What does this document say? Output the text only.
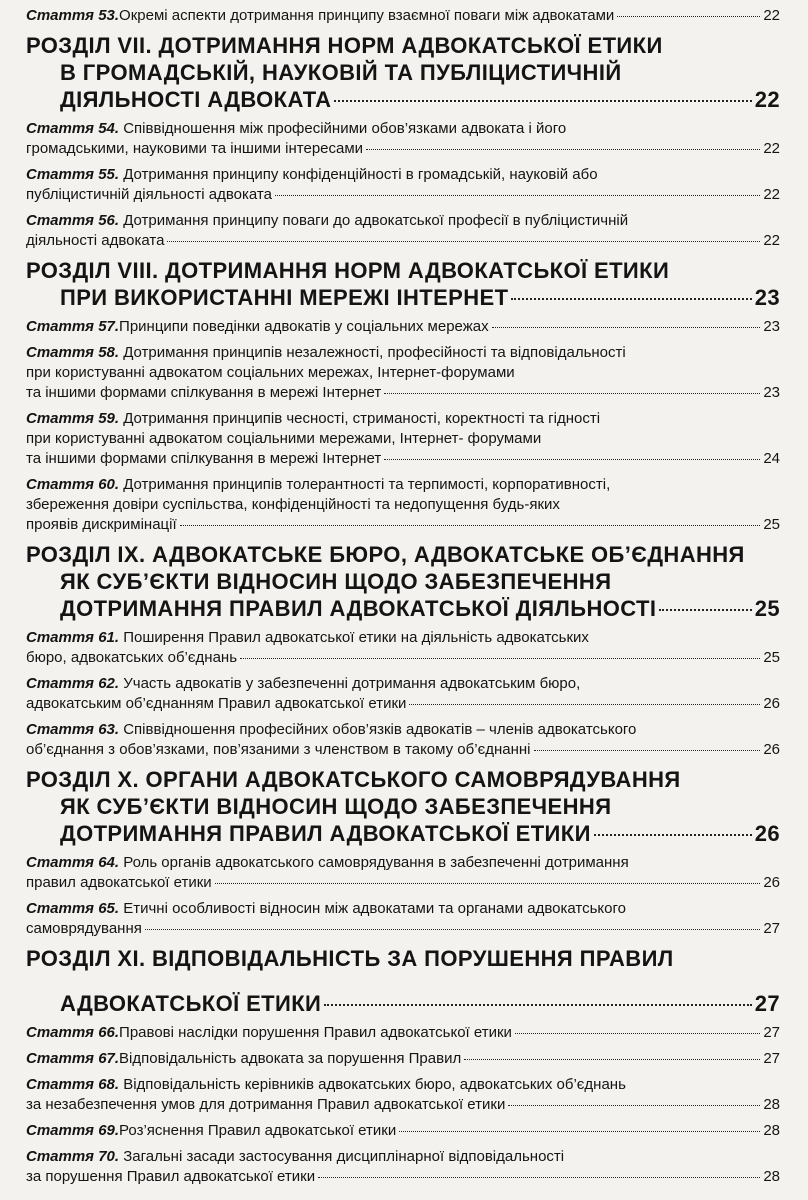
Стаття 53. Окремі аспекти дотримання принципу взаємної поваги між адвокатами	22
РОЗДІЛ VII. ДОТРИМАННЯ НОРМ АДВОКАТСЬКОЇ ЕТИКИ
В ГРОМАДСЬКІЙ, НАУКОВІЙ ТА ПУБЛІЦИСТИЧНІЙ
ДІЯЛЬНОСТІ АДВОКАТА	22
Стаття 54. Співвідношення між професійними обов’язками адвоката і його
громадськими, науковими та іншими інтересами	22
Стаття 55. Дотримання принципу конфіденційності в громадській, науковій або
публіцистичній діяльності адвоката	22
Стаття 56. Дотримання принципу поваги до адвокатської професії в публіцистичній
діяльності адвоката	22
РОЗДІЛ VIII. ДОТРИМАННЯ НОРМ АДВОКАТСЬКОЇ ЕТИКИ
ПРИ ВИКОРИСТАННІ МЕРЕЖІ ІНТЕРНЕТ	23
Стаття 57. Принципи поведінки адвокатів у соціальних мережах	23
Стаття 58. Дотримання принципів незалежності, професійності та відповідальності
при користуванні адвокатом соціальних мережах, Інтернет-форумами
та іншими формами спілкування в мережі Інтернет	23
Стаття 59. Дотримання принципів чесності, стриманості, коректності та гідності
при користуванні адвокатом соціальними мережами, Інтернет- форумами
та іншими формами спілкування в мережі Інтернет	24
Стаття 60. Дотримання принципів толерантності та терпимості, корпоративності,
збереження довіри суспільства, конфіденційності та недопущення будь-яких
проявів дискримінації	25
РОЗДІЛ IX. АДВОКАТСЬКЕ БЮРО, АДВОКАТСЬКЕ ОБ’ЄДНАННЯ
ЯК СУБ’ЄКТИ ВІДНОСИН ЩОДО ЗАБЕЗПЕЧЕННЯ
ДОТРИМАННЯ ПРАВИЛ АДВОКАТСЬКОЇ ДІЯЛЬНОСТІ	25
Стаття 61. Поширення Правил адвокатської етики на діяльність адвокатських
бюро, адвокатських об’єднань	25
Стаття 62. Участь адвокатів у забезпеченні дотримання адвокатським бюро,
адвокатським об’єднанням Правил адвокатської етики	26
Стаття 63. Співвідношення професійних обов’язків адвокатів – членів адвокатського
об’єднання з обов’язками, пов’язаними з членством в такому об’єднанні	26
РОЗДІЛ X. ОРГАНИ АДВОКАТСЬКОГО САМОВРЯДУВАННЯ
ЯК СУБ’ЄКТИ ВІДНОСИН ЩОДО ЗАБЕЗПЕЧЕННЯ
ДОТРИМАННЯ ПРАВИЛ АДВОКАТСЬКОЇ ЕТИКИ	26
Стаття 64. Роль органів адвокатського самоврядування в забезпеченні дотримання
правил адвокатської етики	26
Стаття 65. Етичні особливості відносин між адвокатами та органами адвокатського
самоврядування	27
РОЗДІЛ XI. ВІДПОВІДАЛЬНІСТЬ ЗА ПОРУШЕННЯ ПРАВИЛ
АДВОКАТСЬКОЇ ЕТИКИ	27
Стаття 66. Правові наслідки порушення Правил адвокатської етики	27
Стаття 67. Відповідальність адвоката за порушення Правил	27
Стаття 68. Відповідальність керівників адвокатських бюро, адвокатських об’єднань
за незабезпечення умов для дотримання Правил адвокатської етики	28
Стаття 69. Роз’яснення Правил адвокатської етики	28
Стаття 70. Загальні засади застосування дисциплінарної відповідальності
за порушення Правил адвокатської етики	28
